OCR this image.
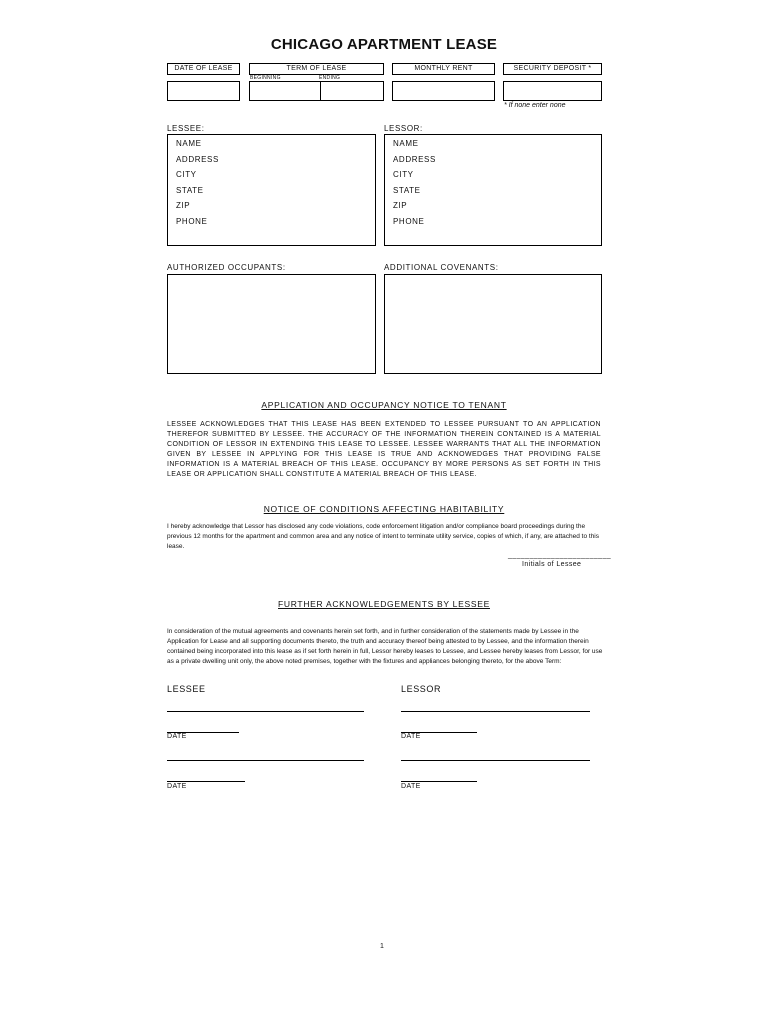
CHICAGO APARTMENT LEASE
DATE OF LEASE	TERM OF LEASE	MONTHLY RENT	SECURITY DEPOSIT *
BEGINNING	ENDING
* If none enter none
LESSEE:	LESSOR:
NAME
ADDRESS
CITY
STATE
ZIP
PHONE
NAME
ADDRESS
CITY
STATE
ZIP
PHONE
AUTHORIZED OCCUPANTS:	ADDITIONAL COVENANTS:
APPLICATION AND OCCUPANCY NOTICE TO TENANT
LESSEE ACKNOWLEDGES THAT THIS LEASE HAS BEEN EXTENDED TO LESSEE PURSUANT TO AN APPLICATION THEREFOR SUBMITTED BY LESSEE. THE ACCURACY OF THE INFORMATION THEREIN CONTAINED IS A MATERIAL CONDITION OF LESSOR IN EXTENDING THIS LEASE TO LESSEE. LESSEE WARRANTS THAT ALL THE INFORMATION GIVEN BY LESSEE IN APPLYING FOR THIS LEASE IS TRUE AND ACKNOWEDGES THAT PROVIDING FALSE INFORMATION IS A MATERIAL BREACH OF THIS LEASE. OCCUPANCY BY MORE PERSONS AS SET FORTH IN THIS LEASE OR APPLICATION SHALL CONSTITUTE A MATERIAL BREACH OF THIS LEASE.
NOTICE OF CONDITIONS AFFECTING HABITABILITY
I hereby acknowledge that Lessor has disclosed any code violations, code enforcement litigation and/or compliance board proceedings during the previous 12 months for the apartment and common area and any notice of intent to terminate utility service, copies of which, if any, are attached to this lease.
________________________
Initials of Lessee
FURTHER ACKNOWLEDGEMENTS BY LESSEE
In consideration of the mutual agreements and covenants herein set forth, and in further consideration of the statements made by Lessee in the Application for Lease and all supporting documents thereto, the truth and accuracy thereof being attested to by Lessee, and the information therein contained being incorporated into this lease as if set forth herein in full, Lessor hereby leases to Lessee, and Lessee hereby leases from Lessor, for use as a private dwelling unit only, the above noted premises, together with the fixtures and appliances belonging thereto, for the above Term:
LESSEE	LESSOR
DATE	DATE
DATE	DATE
1
